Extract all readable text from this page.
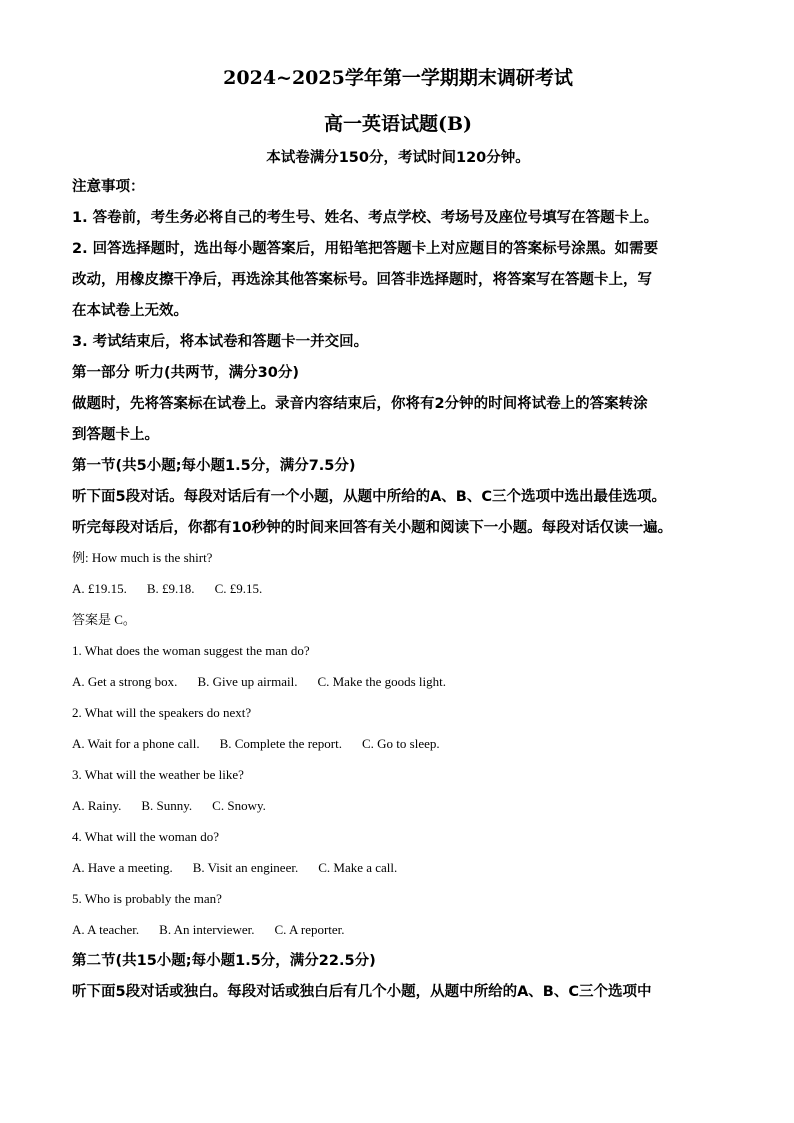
2024~2025学年第一学期期末调研考试

高一英语试题(B)

本试卷满分150分，考试时间120分钟。

注意事项：

1. 答卷前，考生务必将自己的考生号、姓名、考点学校、考场号及座位号填写在答题卡上。

2. 回答选择题时，选出每小题答案后，用铅笔把答题卡上对应题目的答案标号涂黑。如需要

改动，用橡皮擦干净后，再选涂其他答案标号。回答非选择题时，将答案写在答题卡上，写

在本试卷上无效。

3. 考试结束后，将本试卷和答题卡一并交回。

第一部分 听力(共两节，满分30分)

做题时，先将答案标在试卷上。录音内容结束后，你将有2分钟的时间将试卷上的答案转涂

到答题卡上。

第一节(共5小题;每小题1.5分，满分7.5分)

听下面5段对话。每段对话后有一个小题，从题中所给的A、B、C三个选项中选出最佳选项。

听完每段对话后，你都有10秒钟的时间来回答有关小题和阅读下一小题。每段对话仅读一遍。

例: How much is the shirt?

A. £19.15. B. £9.18. C. £9.15.

答案是 C。

1. What does the woman suggest the man do?

A. Get a strong box. B. Give up airmail. C. Make the goods light.

2. What will the speakers do next?

A. Wait for a phone call. B. Complete the report. C. Go to sleep.

3. What will the weather be like?

A. Rainy. B. Sunny. C. Snowy.

4. What will the woman do?

A. Have a meeting. B. Visit an engineer. C. Make a call.

5. Who is probably the man?

A. A teacher. B. An interviewer. C. A reporter.

第二节(共15小题;每小题1.5分，满分22.5分)

听下面5段对话或独白。每段对话或独白后有几个小题，从题中所给的A、B、C三个选项中
